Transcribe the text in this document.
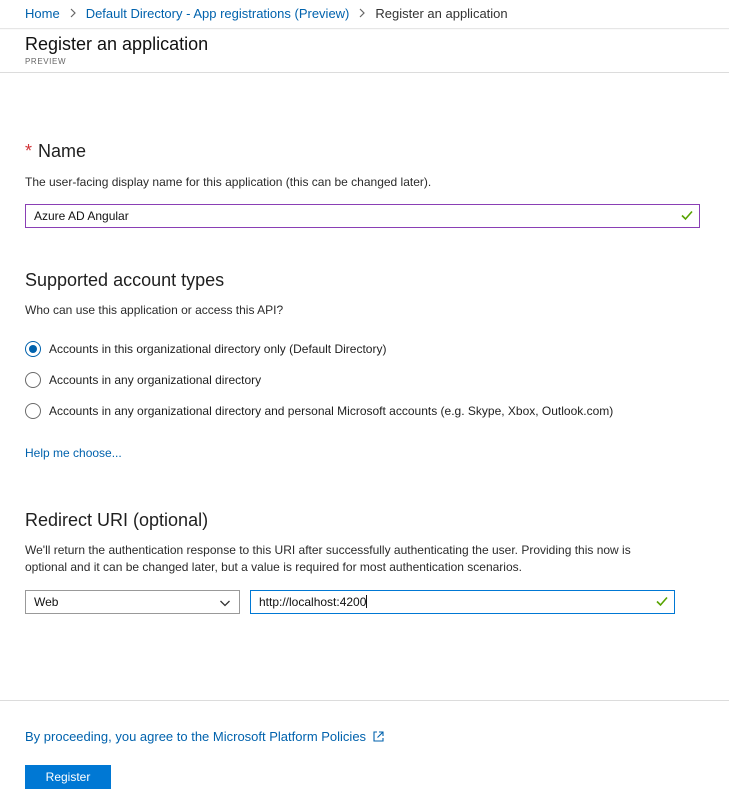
Home Default Directory - App registrations (Preview) Register an application
Register an application
PREVIEW
* Name
The user-facing display name for this application (this can be changed later).
Azure AD Angular
Supported account types
Who can use this application or access this API?
Accounts in this organizational directory only (Default Directory)
Accounts in any organizational directory
Accounts in any organizational directory and personal Microsoft accounts (e.g. Skype, Xbox, Outlook.com)
Help me choose...
Redirect URI (optional)
We'll return the authentication response to this URI after successfully authenticating the user. Providing this now is
optional and it can be changed later, but a value is required for most authentication scenarios.
Web	http://localhost:4200
By proceeding, you agree to the Microsoft Platform Policies
Register
